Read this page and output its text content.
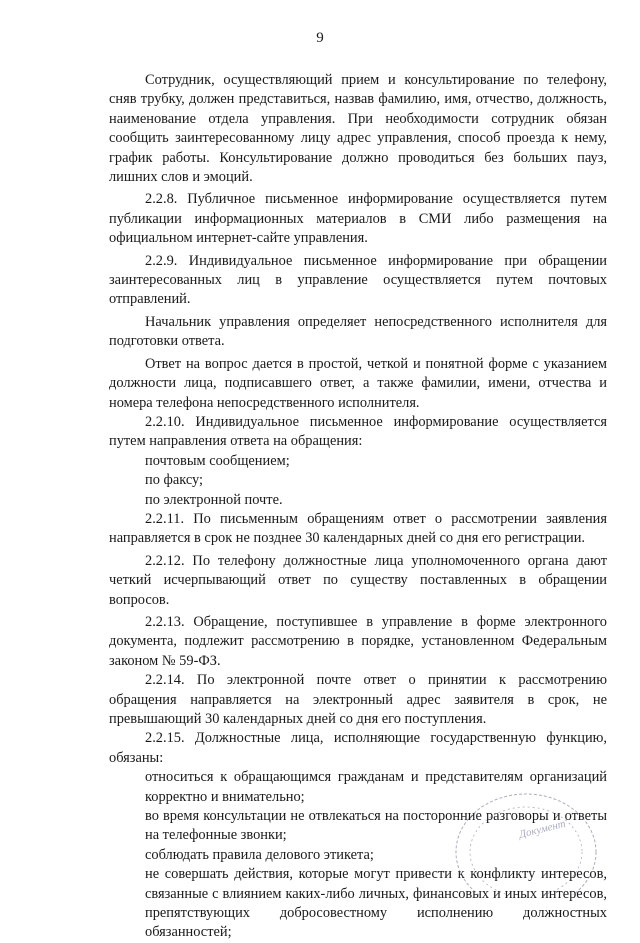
9

Сотрудник, осуществляющий прием и консультирование по телефону, сняв трубку, должен представиться, назвав фамилию, имя, отчество, должность, наименование отдела управления. При необходимости сотрудник обязан сообщить заинтересованному лицу адрес управления, способ проезда к нему, график работы. Консультирование должно проводиться без больших пауз, лишних слов и эмоций.

2.2.8. Публичное письменное информирование осуществляется путем публикации информационных материалов в СМИ либо размещения на официальном интернет-сайте управления.

2.2.9. Индивидуальное письменное информирование при обращении заинтересованных лиц в управление осуществляется путем почтовых отправлений.

Начальник управления определяет непосредственного исполнителя для подготовки ответа.

Ответ на вопрос дается в простой, четкой и понятной форме с указанием должности лица, подписавшего ответ, а также фамилии, имени, отчества и номера телефона непосредственного исполнителя.

2.2.10. Индивидуальное письменное информирование осуществляется путем направления ответа на обращения:

почтовым сообщением;

по факсу;

по электронной почте.

2.2.11. По письменным обращениям ответ о рассмотрении заявления направляется в срок не позднее 30 календарных дней со дня его регистрации.

2.2.12. По телефону должностные лица уполномоченного органа дают четкий исчерпывающий ответ по существу поставленных в обращении вопросов.

2.2.13. Обращение, поступившее в управление в форме электронного документа, подлежит рассмотрению в порядке, установленном Федеральным законом № 59-ФЗ.

2.2.14. По электронной почте ответ о принятии к рассмотрению обращения направляется на электронный адрес заявителя в срок, не превышающий 30 календарных дней со дня его поступления.

2.2.15. Должностные лица, исполняющие государственную функцию, обязаны:

относиться к обращающимся гражданам и представителям организаций корректно и внимательно;

во время консультации не отвлекаться на посторонние разговоры и ответы на телефонные звонки;

соблюдать правила делового этикета;

не совершать действия, которые могут привести к конфликту интересов, связанные с влиянием каких-либо личных, финансовых и иных интересов, препятствующих добросовестному исполнению должностных обязанностей;

Документ
